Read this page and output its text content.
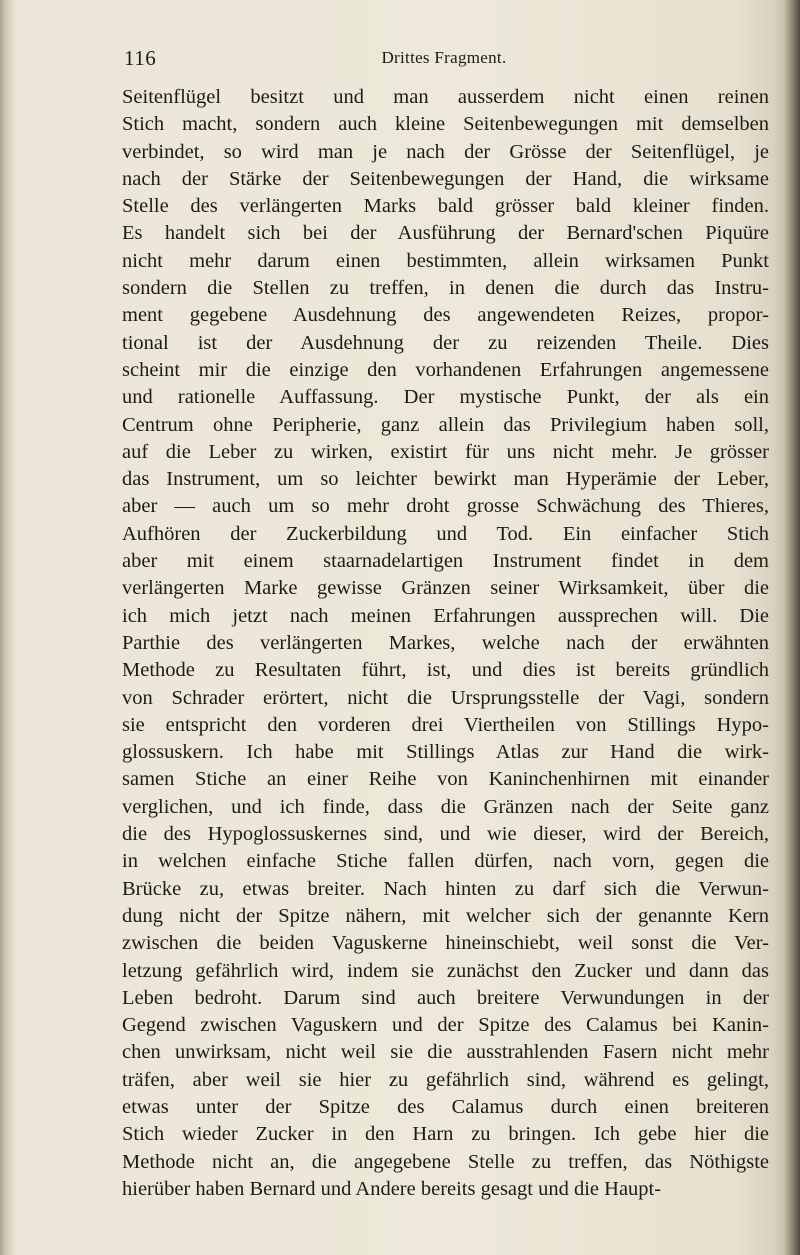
116	Drittes Fragment.
Seitenflügel besitzt und man ausserdem nicht einen reinen
Stich macht, sondern auch kleine Seitenbewegungen mit demselben
verbindet, so wird man je nach der Grösse der Seitenflügel, je
nach der Stärke der Seitenbewegungen der Hand, die wirksame
Stelle des verlängerten Marks bald grösser bald kleiner finden.
Es handelt sich bei der Ausführung der Bernard'schen Piquüre
nicht mehr darum einen bestimmten, allein wirksamen Punkt
sondern die Stellen zu treffen, in denen die durch das Instru-
ment gegebene Ausdehnung des angewendeten Reizes, propor-
tional ist der Ausdehnung der zu reizenden Theile. Dies
scheint mir die einzige den vorhandenen Erfahrungen angemessene
und rationelle Auffassung. Der mystische Punkt, der als ein
Centrum ohne Peripherie, ganz allein das Privilegium haben soll,
auf die Leber zu wirken, existirt für uns nicht mehr. Je grösser
das Instrument, um so leichter bewirkt man Hyperämie der Leber,
aber — auch um so mehr droht grosse Schwächung des Thieres,
Aufhören der Zuckerbildung und Tod. Ein einfacher Stich
aber mit einem staarnadelartigen Instrument findet in dem
verlängerten Marke gewisse Gränzen seiner Wirksamkeit, über die
ich mich jetzt nach meinen Erfahrungen aussprechen will. Die
Parthie des verlängerten Markes, welche nach der erwähnten
Methode zu Resultaten führt, ist, und dies ist bereits gründlich
von Schrader erörtert, nicht die Ursprungsstelle der Vagi, sondern
sie entspricht den vorderen drei Viertheilen von Stillings Hypo-
glossuskern. Ich habe mit Stillings Atlas zur Hand die wirk-
samen Stiche an einer Reihe von Kaninchenhirnen mit einander
verglichen, und ich finde, dass die Gränzen nach der Seite ganz
die des Hypoglossuskernes sind, und wie dieser, wird der Bereich,
in welchen einfache Stiche fallen dürfen, nach vorn, gegen die
Brücke zu, etwas breiter. Nach hinten zu darf sich die Verwun-
dung nicht der Spitze nähern, mit welcher sich der genannte Kern
zwischen die beiden Vaguskerne hineinschiebt, weil sonst die Ver-
letzung gefährlich wird, indem sie zunächst den Zucker und dann das
Leben bedroht. Darum sind auch breitere Verwundungen in der
Gegend zwischen Vaguskern und der Spitze des Calamus bei Kanin-
chen unwirksam, nicht weil sie die ausstrahlenden Fasern nicht mehr
träfen, aber weil sie hier zu gefährlich sind, während es gelingt,
etwas unter der Spitze des Calamus durch einen breiteren
Stich wieder Zucker in den Harn zu bringen. Ich gebe hier die
Methode nicht an, die angegebene Stelle zu treffen, das Nöthigste
hierüber haben Bernard und Andere bereits gesagt und die Haupt-
